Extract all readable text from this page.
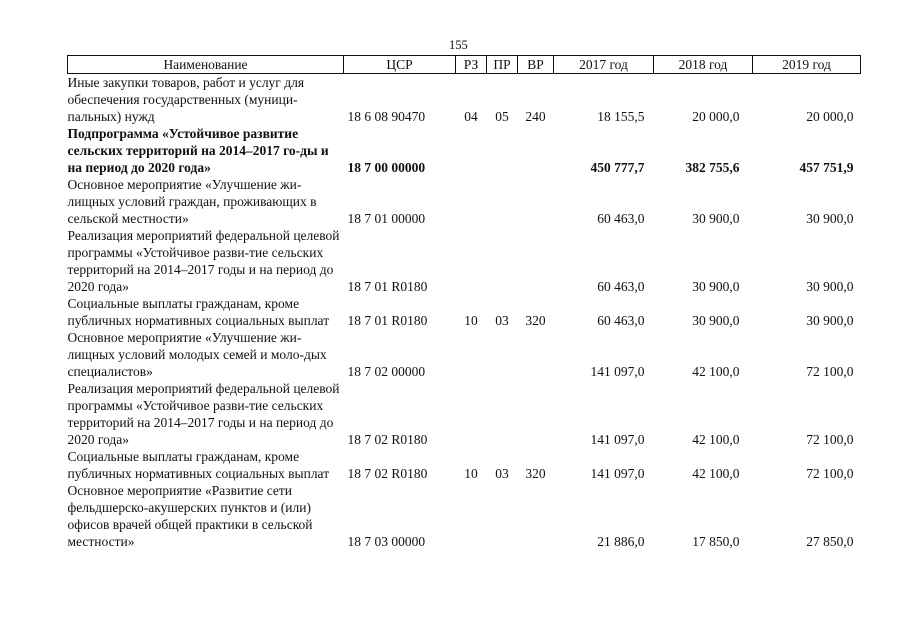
155
Наименование	ЦСР	РЗ	ПР	ВР	2017 год	2018 год	2019 год
Иные закупки товаров, работ и услуг для обеспечения государственных (муници-пальных) нужд	18 6 08 90470	04	05	240	18 155,5	20 000,0	20 000,0
Подпрограмма «Устойчивое развитие сельских территорий на 2014–2017 го-ды и на период до 2020 года»	18 7 00 00000				450 777,7	382 755,6	457 751,9
Основное мероприятие «Улучшение жи-лищных условий граждан, проживающих в сельской местности»	18 7 01 00000				60 463,0	30 900,0	30 900,0
Реализация мероприятий федеральной целевой программы «Устойчивое разви-тие сельских территорий на 2014–2017 годы и на период до 2020 года»	18 7 01 R0180				60 463,0	30 900,0	30 900,0
Социальные выплаты гражданам, кроме публичных нормативных социальных выплат	18 7 01 R0180	10	03	320	60 463,0	30 900,0	30 900,0
Основное мероприятие «Улучшение жи-лищных условий молодых семей и моло-дых специалистов»	18 7 02 00000				141 097,0	42 100,0	72 100,0
Реализация мероприятий федеральной целевой программы «Устойчивое разви-тие сельских территорий на 2014–2017 годы и на период до 2020 года»	18 7 02 R0180				141 097,0	42 100,0	72 100,0
Социальные выплаты гражданам, кроме публичных нормативных социальных выплат	18 7 02 R0180	10	03	320	141 097,0	42 100,0	72 100,0
Основное мероприятие «Развитие сети фельдшерско-акушерских пунктов и (или) офисов врачей общей практики в сельской местности»	18 7 03 00000				21 886,0	17 850,0	27 850,0
